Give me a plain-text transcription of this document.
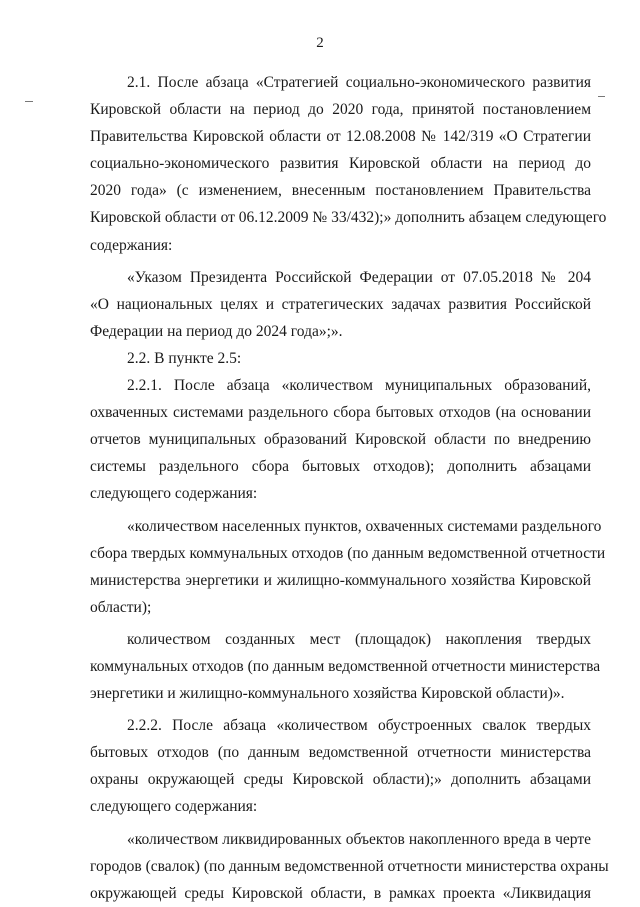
2
2.1. После абзаца «Стратегией социально-экономического развития
Кировской области на период до 2020 года, принятой постановлением
Правительства Кировской области от 12.08.2008 № 142/319 «О Стратегии
социально-экономического развития Кировской области на период до
2020 года» (с изменением, внесенным постановлением Правительства
Кировской области от 06.12.2009 № 33/432);» дополнить абзацем следующего
содержания:
«Указом Президента Российской Федерации от 07.05.2018 № 204
«О национальных целях и стратегических задачах развития Российской
Федерации на период до 2024 года»;».
2.2. В пункте 2.5:
2.2.1. После абзаца «количеством муниципальных образований,
охваченных системами раздельного сбора бытовых отходов (на основании
отчетов муниципальных образований Кировской области по внедрению
системы раздельного сбора бытовых отходов); дополнить абзацами
следующего содержания:
«количеством населенных пунктов, охваченных системами раздельного
сбора твердых коммунальных отходов (по данным ведомственной отчетности
министерства энергетики и жилищно-коммунального хозяйства Кировской
области);
количеством созданных мест (площадок) накопления твердых
коммунальных отходов (по данным ведомственной отчетности министерства
энергетики и жилищно-коммунального хозяйства Кировской области)».
2.2.2. После абзаца «количеством обустроенных свалок твердых
бытовых отходов (по данным ведомственной отчетности министерства
охраны окружающей среды Кировской области);» дополнить абзацами
следующего содержания:
«количеством ликвидированных объектов накопленного вреда в черте
городов (свалок) (по данным ведомственной отчетности министерства охраны
окружающей среды Кировской области, в рамках проекта «Ликвидация
